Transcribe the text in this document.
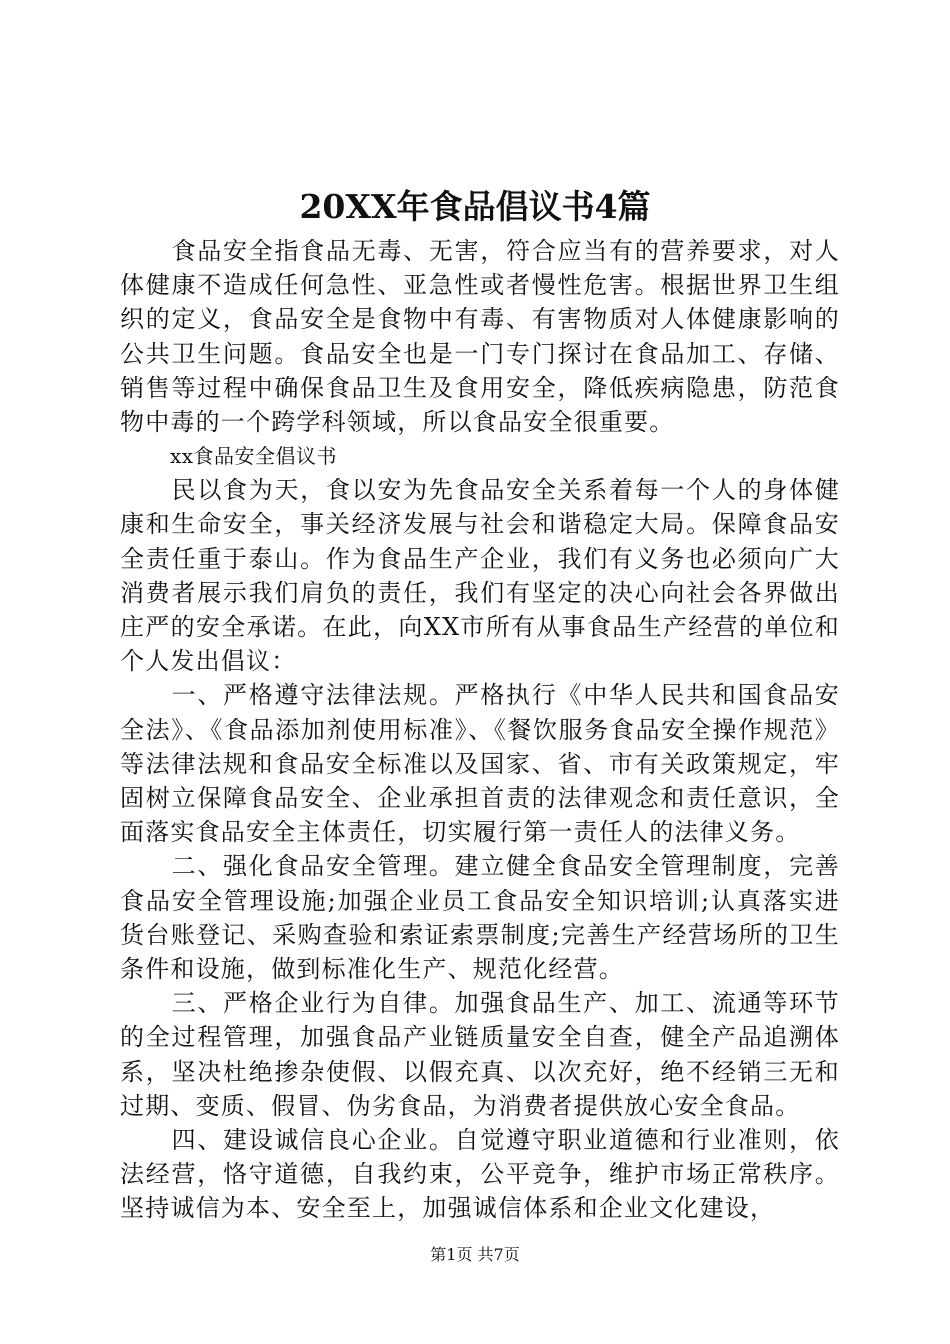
20XX年食品倡议书4篇

食品安全指食品无毒、无害，符合应当有的营养要求，对人体健康不造成任何急性、亚急性或者慢性危害。根据世界卫生组织的定义，食品安全是食物中有毒、有害物质对人体健康影响的公共卫生问题。食品安全也是一门专门探讨在食品加工、存储、销售等过程中确保食品卫生及食用安全，降低疾病隐患，防范食物中毒的一个跨学科领域，所以食品安全很重要。

xx食品安全倡议书

民以食为天，食以安为先食品安全关系着每一个人的身体健康和生命安全，事关经济发展与社会和谐稳定大局。保障食品安全责任重于泰山。作为食品生产企业，我们有义务也必须向广大消费者展示我们肩负的责任，我们有坚定的决心向社会各界做出庄严的安全承诺。在此，向XX市所有从事食品生产经营的单位和个人发出倡议：

一、严格遵守法律法规。严格执行《中华人民共和国食品安全法》、《食品添加剂使用标准》、《餐饮服务食品安全操作规范》等法律法规和食品安全标准以及国家、省、市有关政策规定，牢固树立保障食品安全、企业承担首责的法律观念和责任意识，全面落实食品安全主体责任，切实履行第一责任人的法律义务。

二、强化食品安全管理。建立健全食品安全管理制度，完善食品安全管理设施;加强企业员工食品安全知识培训;认真落实进货台账登记、采购查验和索证索票制度;完善生产经营场所的卫生条件和设施，做到标准化生产、规范化经营。

三、严格企业行为自律。加强食品生产、加工、流通等环节的全过程管理，加强食品产业链质量安全自查，健全产品追溯体系，坚决杜绝掺杂使假、以假充真、以次充好，绝不经销三无和过期、变质、假冒、伪劣食品，为消费者提供放心安全食品。

四、建设诚信良心企业。自觉遵守职业道德和行业准则，依法经营，恪守道德，自我约束，公平竞争，维护市场正常秩序。坚持诚信为本、安全至上，加强诚信体系和企业文化建设，

第1页 共7页
